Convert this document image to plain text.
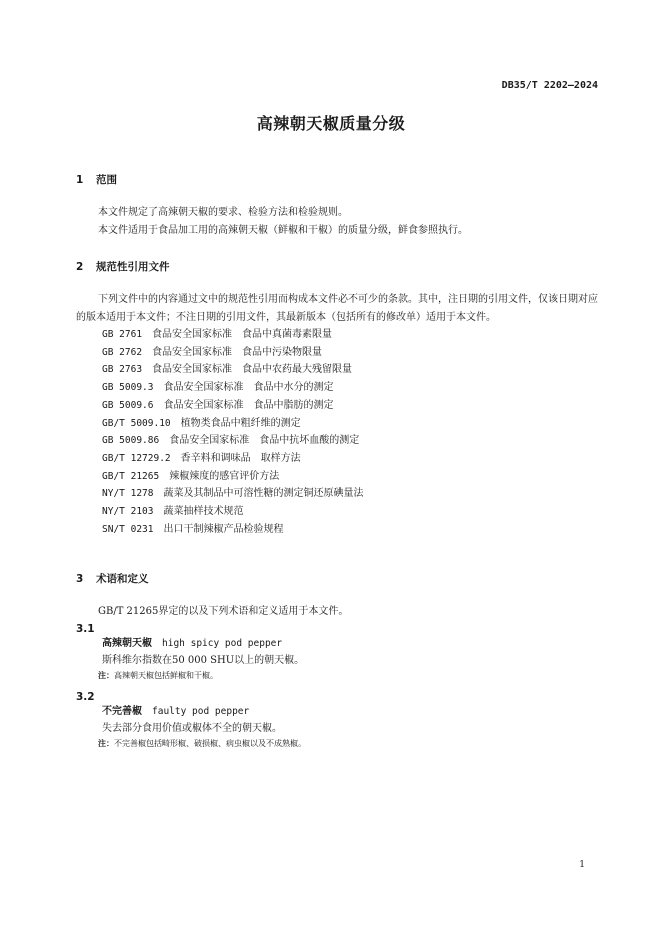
DB35/T 2202—2024
高辣朝天椒质量分级
1 范围

本文件规定了高辣朝天椒的要求、检验方法和检验规则。

本文件适用于食品加工用的高辣朝天椒（鲜椒和干椒）的质量分级，鲜食参照执行。

2 规范性引用文件

下列文件中的内容通过文中的规范性引用而构成本文件必不可少的条款。其中，注日期的引用文件，仅该日期对应的版本适用于本文件；不注日期的引用文件，其最新版本（包括所有的修改单）适用于本文件。

GB 2761　 食品安全国家标准　食品中真菌毒素限量
GB 2762　 食品安全国家标准　食品中污染物限量
GB 2763　 食品安全国家标准　食品中农药最大残留限量
GB 5009.3　 食品安全国家标准　食品中水分的测定
GB 5009.6　 食品安全国家标准　食品中脂肪的测定
GB/T 5009.10　 植物类食品中粗纤维的测定
GB 5009.86　 食品安全国家标准　食品中抗坏血酸的测定
GB/T 12729.2　 香辛料和调味品　取样方法
GB/T 21265　 辣椒辣度的感官评价方法
NY/T 1278　 蔬菜及其制品中可溶性糖的测定铜还原碘量法
NY/T 2103　 蔬菜抽样技术规范
SN/T 0231　 出口干制辣椒产品检验规程
3 术语和定义

GB/T 21265界定的以及下列术语和定义适用于本文件。

3.1
高辣朝天椒 high spicy pod pepper
斯科维尔指数在50 000 SHU以上的朝天椒。
注：高辣朝天椒包括鲜椒和干椒。
3.2
不完善椒 faulty pod pepper
失去部分食用价值或椒体不全的朝天椒。
注：不完善椒包括畸形椒、破损椒、病虫椒以及不成熟椒。
1
